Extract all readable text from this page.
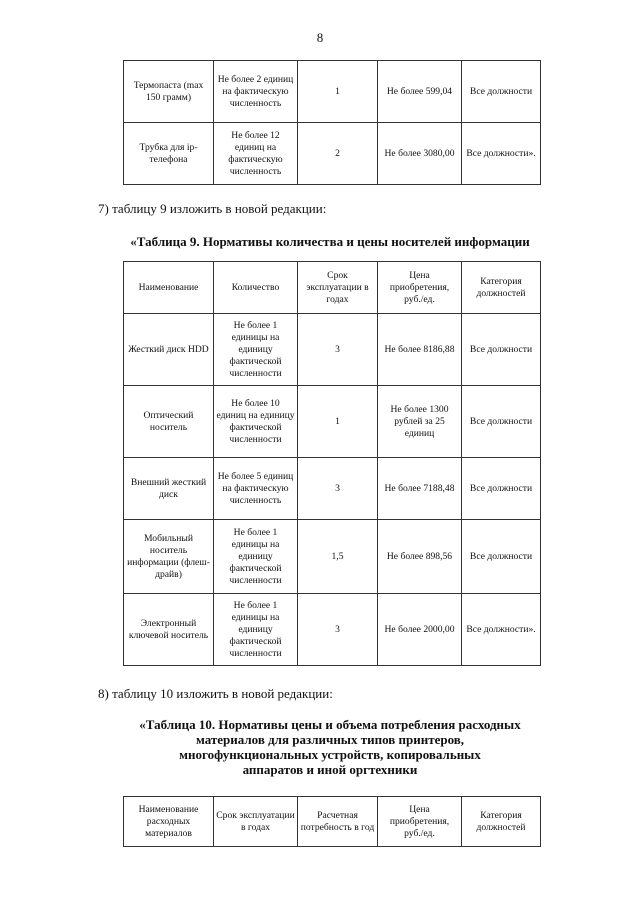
8
Термопаста (max 150 грамм)	Не более 2 единиц на фактическую численность	1	Не более 599,04	Все должности
Трубка для ip-телефона	Не более 12 единиц на фактическую численность	2	Не более 3080,00	Все должности».
7) таблицу 9 изложить в новой редакции:
«Таблица 9. Нормативы количества и цены носителей информации
Наименование	Количество	Срок эксплуатации в годах	Цена приобретения, руб./ед.	Категория должностей
Жесткий диск HDD	Не более 1 единицы на единицу фактической численности	3	Не более 8186,88	Все должности
Оптический носитель	Не более 10 единиц на единицу фактической численности	1	Не более 1300 рублей за 25 единиц	Все должности
Внешний жесткий диск	Не более 5 единиц на фактическую численность	3	Не более 7188,48	Все должности
Мобильный носитель информации (флеш-драйв)	Не более 1 единицы на единицу фактической численности	1,5	Не более 898,56	Все должности
Электронный ключевой носитель	Не более 1 единицы на единицу фактической численности	3	Не более 2000,00	Все должности».
8) таблицу 10 изложить в новой редакции:
«Таблица 10. Нормативы цены и объема потребления расходных
материалов для различных типов принтеров,
многофункциональных устройств, копировальных
аппаратов и иной оргтехники
Наименование расходных материалов	Срок эксплуатации в годах	Расчетная потребность в год	Цена приобретения, руб./ед.	Категория должностей
